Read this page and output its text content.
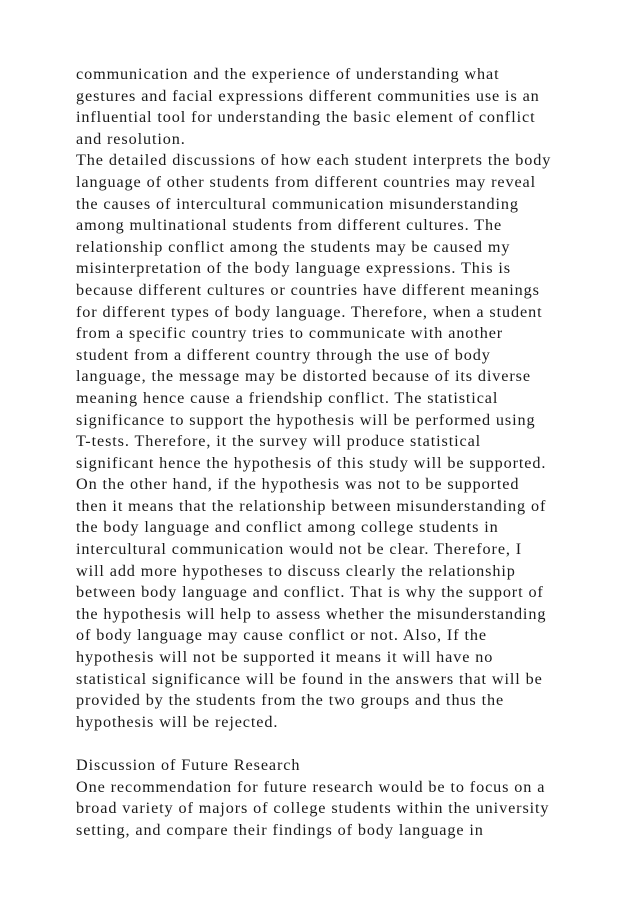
communication and the experience of understanding what
gestures and facial expressions different communities use is an
influential tool for understanding the basic element of conflict
and resolution.
The detailed discussions of how each student interprets the body
language of other students from different countries may reveal
the causes of intercultural communication misunderstanding
among multinational students from different cultures. The
relationship conflict among the students may be caused my
misinterpretation of the body language expressions. This is
because different cultures or countries have different meanings
for different types of body language. Therefore, when a student
from a specific country tries to communicate with another
student from a different country through the use of body
language, the message may be distorted because of its diverse
meaning hence cause a friendship conflict. The statistical
significance to support the hypothesis will be performed using
T-tests. Therefore, it the survey will produce statistical
significant hence the hypothesis of this study will be supported.
On the other hand, if the hypothesis was not to be supported
then it means that the relationship between misunderstanding of
the body language and conflict among college students in
intercultural communication would not be clear. Therefore, I
will add more hypotheses to discuss clearly the relationship
between body language and conflict. That is why the support of
the hypothesis will help to assess whether the misunderstanding
of body language may cause conflict or not. Also, If the
hypothesis will not be supported it means it will have no
statistical significance will be found in the answers that will be
provided by the students from the two groups and thus the
hypothesis will be rejected.
Discussion of Future Research
One recommendation for future research would be to focus on a
broad variety of majors of college students within the university
setting, and compare their findings of body language in
